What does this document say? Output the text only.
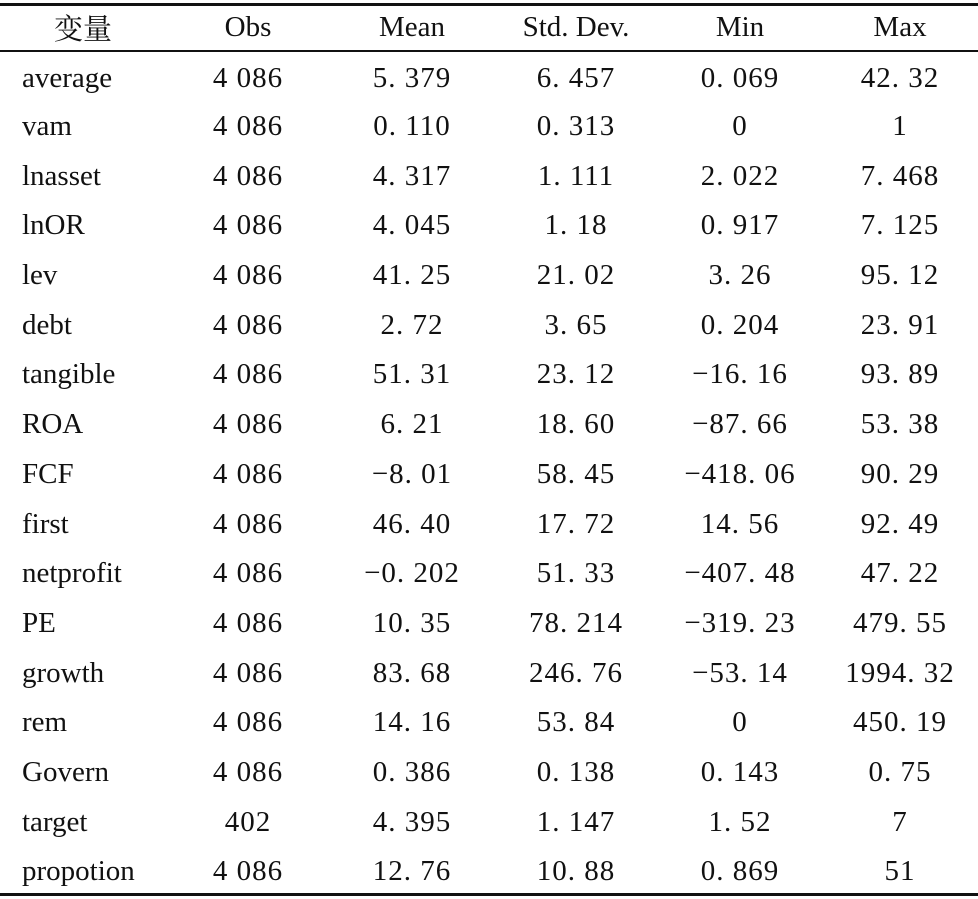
变量	Obs	Mean	Std. Dev.	Min	Max
average	4 086	5. 379	6. 457	0. 069	42. 32
vam	4 086	0. 110	0. 313	0	1
lnasset	4 086	4. 317	1. 111	2. 022	7. 468
lnOR	4 086	4. 045	1. 18	0. 917	7. 125
lev	4 086	41. 25	21. 02	3. 26	95. 12
debt	4 086	2. 72	3. 65	0. 204	23. 91
tangible	4 086	51. 31	23. 12	−16. 16	93. 89
ROA	4 086	6. 21	18. 60	−87. 66	53. 38
FCF	4 086	−8. 01	58. 45	−418. 06	90. 29
first	4 086	46. 40	17. 72	14. 56	92. 49
netprofit	4 086	−0. 202	51. 33	−407. 48	47. 22
PE	4 086	10. 35	78. 214	−319. 23	479. 55
growth	4 086	83. 68	246. 76	−53. 14	1994. 32
rem	4 086	14. 16	53. 84	0	450. 19
Govern	4 086	0. 386	0. 138	0. 143	0. 75
target	402	4. 395	1. 147	1. 52	7
propotion	4 086	12. 76	10. 88	0. 869	51
